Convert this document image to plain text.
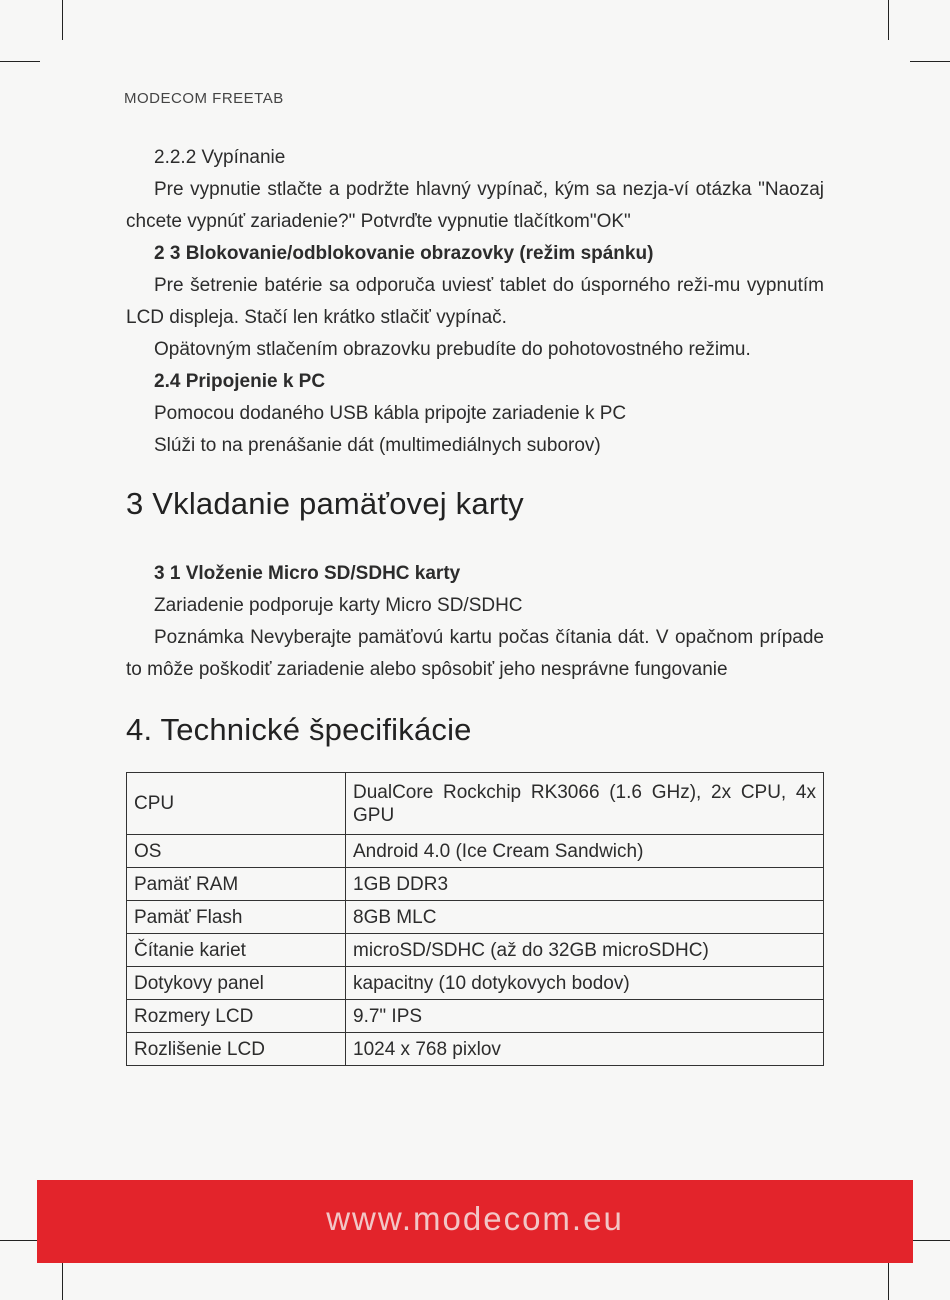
MODECOM FREETAB

2.2.2 Vypínanie

Pre vypnutie stlačte a podržte hlavný vypínač, kým sa nezja-ví otázka "Naozaj chcete vypnúť zariadenie?" Potvrďte vypnutie tlačítkom"OK"

2 3 Blokovanie/odblokovanie obrazovky (režim spánku)

Pre šetrenie batérie sa odporuča uviesť tablet do úsporného reži-mu vypnutím LCD displeja. Stačí len krátko stlačiť vypínač.

Opätovným stlačením obrazovku prebudíte do pohotovostného režimu.

2.4 Pripojenie k PC

Pomocou dodaného USB kábla pripojte zariadenie k PC

Slúži to na prenášanie dát (multimediálnych suborov)

3 Vkladanie pamäťovej karty

3 1 Vloženie Micro SD/SDHC karty

Zariadenie podporuje karty Micro SD/SDHC

Poznámka Nevyberajte pamäťovú kartu počas čítania dát. V opačnom prípade to môže poškodiť zariadenie alebo spôsobiť jeho nesprávne fungovanie

4. Technické špecifikácie
CPU	DualCore Rockchip RK3066 (1.6 GHz), 2x CPU, 4x GPU
OS	Android 4.0 (Ice Cream Sandwich)
Pamäť RAM	1GB DDR3
Pamäť Flash	8GB MLC
Čítanie kariet	microSD/SDHC (až do 32GB microSDHC)
Dotykovy panel	kapacitny (10 dotykovych bodov)
Rozmery LCD	9.7" IPS
Rozlišenie LCD	1024 x 768 pixlov
www.modecom.eu
